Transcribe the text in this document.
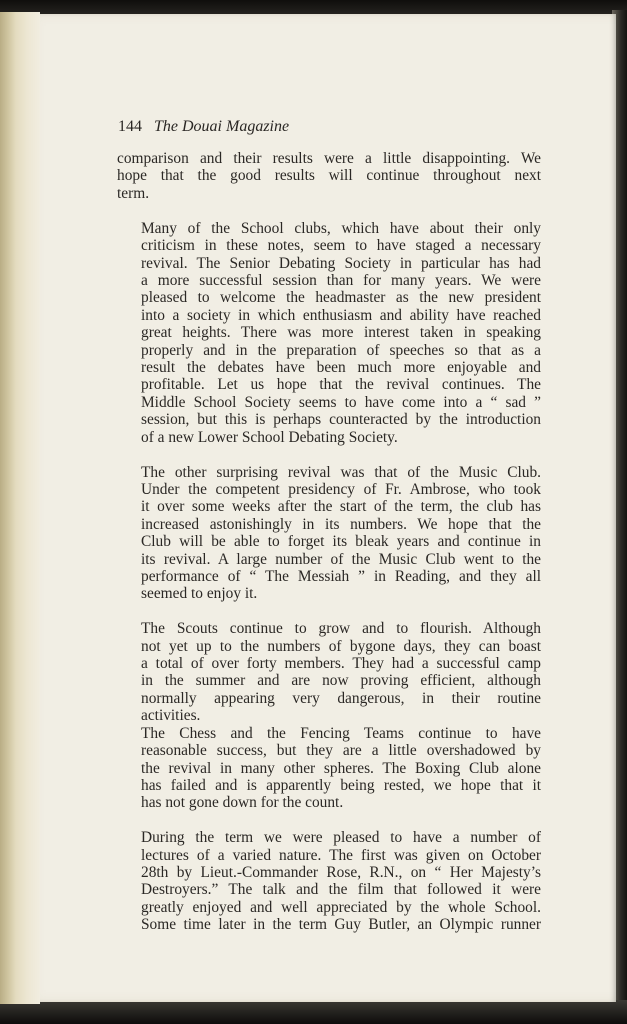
144 The Douai Magazine

comparison and their results were a little disappointing. We
hope that the good results will continue throughout next
term.

Many of the School clubs, which have about their only
criticism in these notes, seem to have staged a necessary
revival. The Senior Debating Society in particular has had
a more successful session than for many years. We were
pleased to welcome the headmaster as the new president
into a society in which enthusiasm and ability have reached
great heights. There was more interest taken in speaking
properly and in the preparation of speeches so that as a
result the debates have been much more enjoyable and
profitable. Let us hope that the revival continues. The
Middle School Society seems to have come into a “ sad ”
session, but this is perhaps counteracted by the introduction
of a new Lower School Debating Society.

The other surprising revival was that of the Music Club.
Under the competent presidency of Fr. Ambrose, who took
it over some weeks after the start of the term, the club has
increased astonishingly in its numbers. We hope that the
Club will be able to forget its bleak years and continue in
its revival. A large number of the Music Club went to the
performance of “ The Messiah ” in Reading, and they all
seemed to enjoy it.

The Scouts continue to grow and to flourish. Although
not yet up to the numbers of bygone days, they can boast
a total of over forty members. They had a successful camp
in the summer and are now proving efficient, although
normally appearing very dangerous, in their routine
activities.

The Chess and the Fencing Teams continue to have
reasonable success, but they are a little overshadowed by
the revival in many other spheres. The Boxing Club alone
has failed and is apparently being rested, we hope that it
has not gone down for the count.

During the term we were pleased to have a number of
lectures of a varied nature. The first was given on October
28th by Lieut.-Commander Rose, R.N., on “ Her Majesty’s
Destroyers.” The talk and the film that followed it were
greatly enjoyed and well appreciated by the whole School.
Some time later in the term Guy Butler, an Olympic runner
